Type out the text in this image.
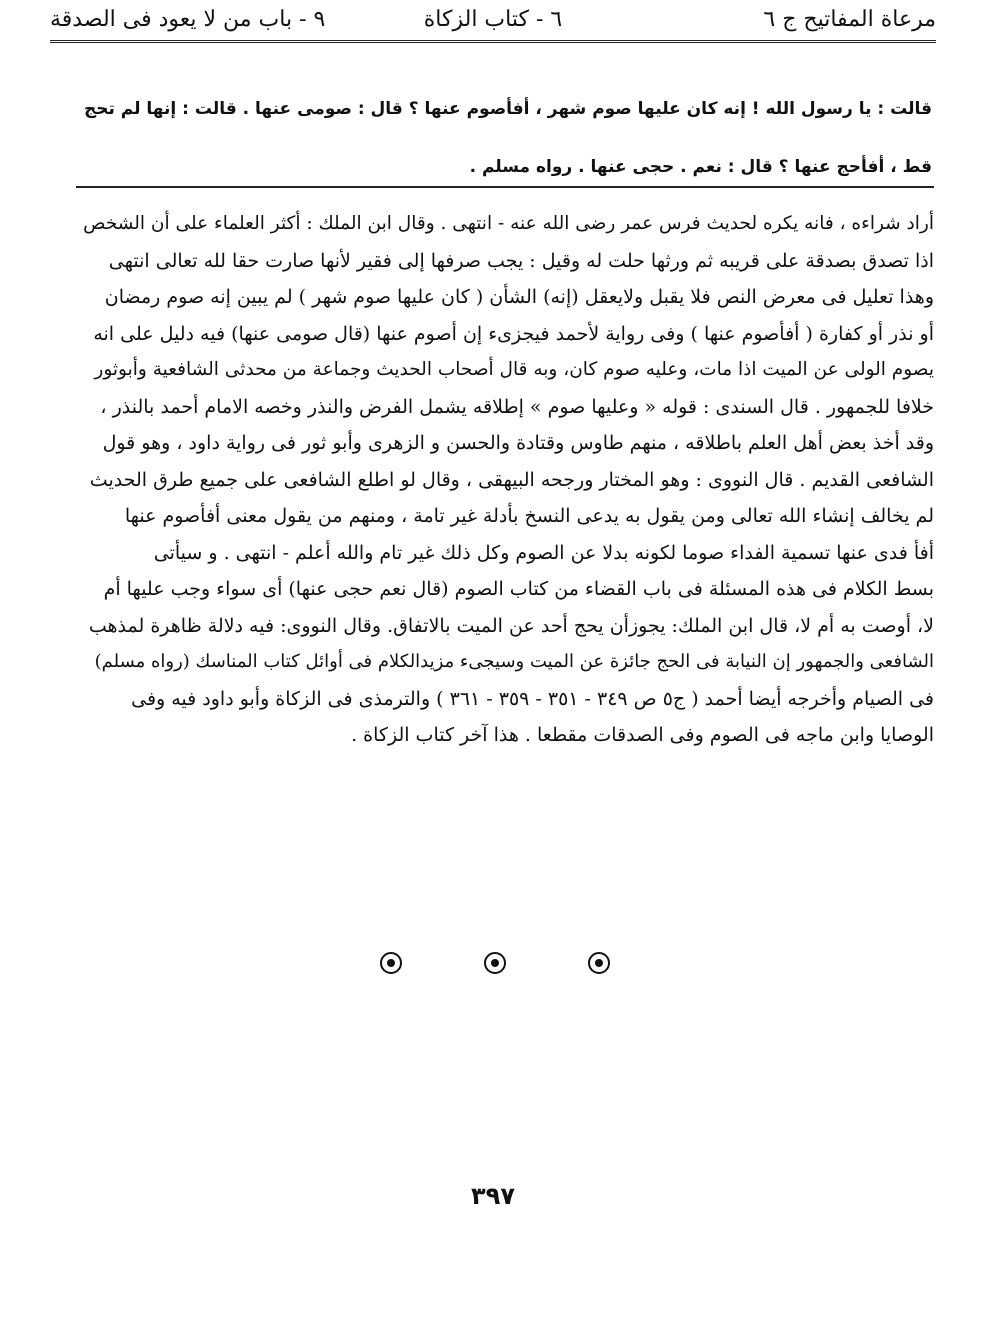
مرعاة المفاتيح ج ٦
٦ - كتاب الزكاة
٩ - باب من لا يعود فى الصدقة

قالت : يا رسول الله ! إنه كان عليها صوم شهر ، أفأصوم عنها ؟ قال : صومى عنها . قالت : إنها لم تحج

قط ، أفأحج عنها ؟ قال : نعم . حجى عنها . رواه مسلم .

أراد شراءه ، فانه يكره لحديث فرس عمر رضى الله عنه - انتهى . وقال ابن الملك : أكثر العلماء على أن الشخص

اذا تصدق بصدقة على قريبه ثم ورثها حلت له وقيل : يجب صرفها إلى فقير لأنها صارت حقا لله تعالى انتهى

وهذا تعليل فى معرض النص فلا يقبل ولايعقل (إنه) الشأن ( كان عليها صوم شهر ) لم يبين إنه صوم رمضان

أو نذر أو كفارة ( أفأصوم عنها ) وفى رواية لأحمد فيجزىء إن أصوم عنها (قال صومى عنها) فيه دليل على انه

يصوم الولى عن الميت اذا مات، وعليه صوم كان، وبه قال أصحاب الحديث وجماعة من محدثى الشافعية وأبوثور

خلافا للجمهور . قال السندى : قوله « وعليها صوم » إطلاقه يشمل الفرض والنذر وخصه الامام أحمد بالنذر ،

وقد أخذ بعض أهل العلم باطلاقه ، منهم طاوس وقتادة والحسن و الزهرى وأبو ثور فى رواية داود ، وهو قول

الشافعى القديم . قال النووى : وهو المختار ورجحه البيهقى ، وقال لو اطلع الشافعى على جميع طرق الحديث

لم يخالف إنشاء الله تعالى ومن يقول به يدعى النسخ بأدلة غير تامة ، ومنهم من يقول معنى أفأصوم عنها

أفأ فدى عنها تسمية الفداء صوما لكونه بدلا عن الصوم وكل ذلك غير تام والله أعلم - انتهى . و سيأتى

بسط الكلام فى هذه المسئلة فى باب القضاء من كتاب الصوم (قال نعم حجى عنها) أى سواء وجب عليها أم

لا، أوصت به أم لا، قال ابن الملك: يجوزأن يحج أحد عن الميت بالاتفاق. وقال النووى: فيه دلالة ظاهرة لمذهب

الشافعى والجمهور إن النيابة فى الحج جائزة عن الميت وسيجىء مزيدالكلام فى أوائل كتاب المناسك (رواه مسلم)

فى الصيام وأخرجه أيضا أحمد ( ج٥ ص ٣٤٩ - ٣٥١ - ٣٥٩ - ٣٦١ ) والترمذى فى الزكاة وأبو داود فيه وفى

الوصايا وابن ماجه فى الصوم وفى الصدقات مقطعا . هذا آخر كتاب الزكاة .

٣٩٧
